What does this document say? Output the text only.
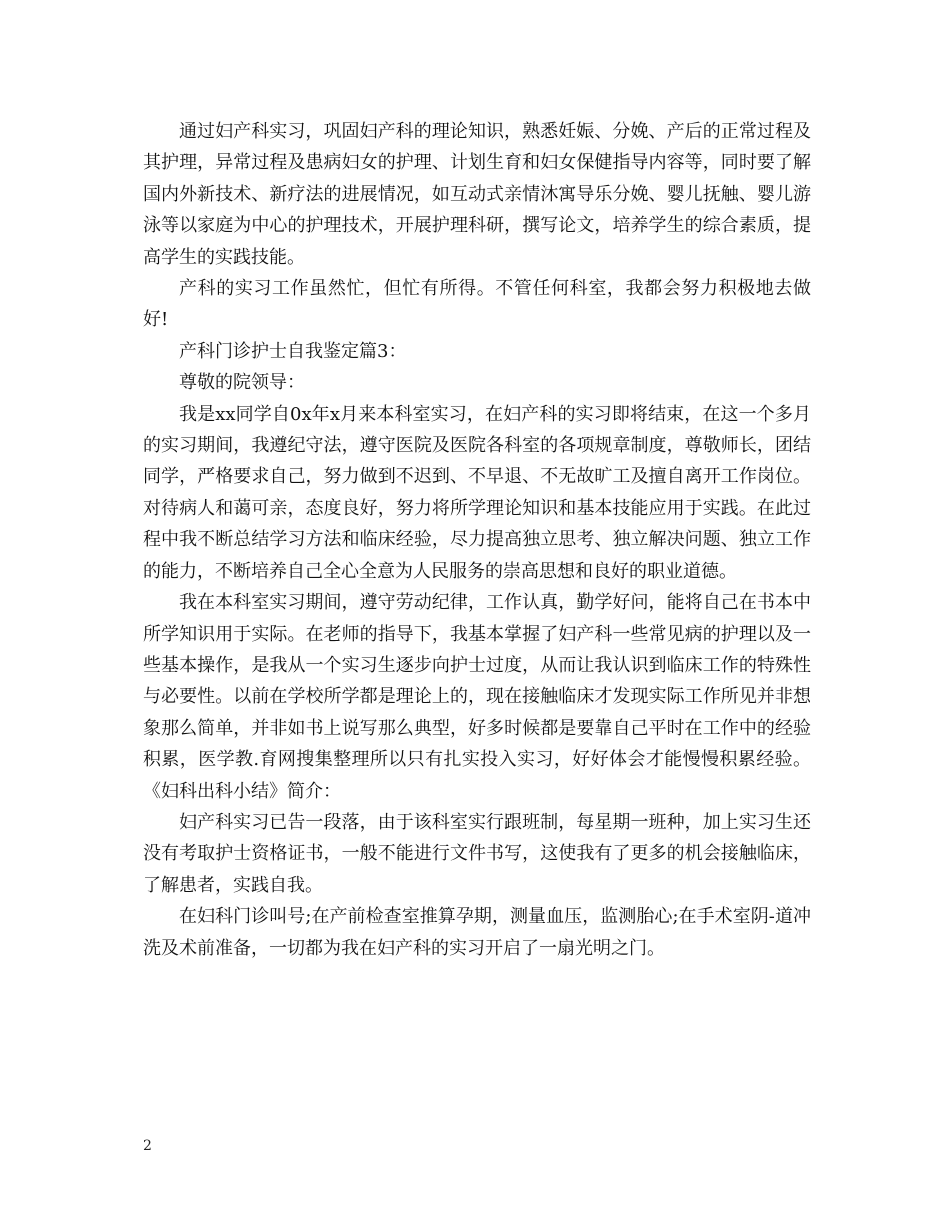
通过妇产科实习，巩固妇产科的理论知识，熟悉妊娠、分娩、产后的正常过程及其护理，异常过程及患病妇女的护理、计划生育和妇女保健指导内容等，同时要了解国内外新技术、新疗法的进展情况，如互动式亲情沐寓导乐分娩、婴儿抚触、婴儿游泳等以家庭为中心的护理技术，开展护理科研，撰写论文，培养学生的综合素质，提高学生的实践技能。

产科的实习工作虽然忙，但忙有所得。不管任何科室，我都会努力积极地去做好!

产科门诊护士自我鉴定篇3：

尊敬的院领导：

我是xx同学自0x年x月来本科室实习，在妇产科的实习即将结束，在这一个多月的实习期间，我遵纪守法，遵守医院及医院各科室的各项规章制度，尊敬师长，团结同学，严格要求自己，努力做到不迟到、不早退、不无故旷工及擅自离开工作岗位。对待病人和蔼可亲，态度良好，努力将所学理论知识和基本技能应用于实践。在此过程中我不断总结学习方法和临床经验，尽力提高独立思考、独立解决问题、独立工作的能力，不断培养自己全心全意为人民服务的崇高思想和良好的职业道德。

我在本科室实习期间，遵守劳动纪律，工作认真，勤学好问，能将自己在书本中所学知识用于实际。在老师的指导下，我基本掌握了妇产科一些常见病的护理以及一些基本操作，是我从一个实习生逐步向护士过度，从而让我认识到临床工作的特殊性与必要性。以前在学校所学都是理论上的，现在接触临床才发现实际工作所见并非想象那么简单，并非如书上说写那么典型，好多时候都是要靠自己平时在工作中的经验积累，医学教.育网搜集整理所以只有扎实投入实习，好好体会才能慢慢积累经验。《妇科出科小结》简介：

妇产科实习已告一段落，由于该科室实行跟班制，每星期一班种，加上实习生还没有考取护士资格证书，一般不能进行文件书写，这使我有了更多的机会接触临床，了解患者，实践自我。

在妇科门诊叫号;在产前检查室推算孕期，测量血压，监测胎心;在手术室阴-道冲洗及术前准备，一切都为我在妇产科的实习开启了一扇光明之门。

2
